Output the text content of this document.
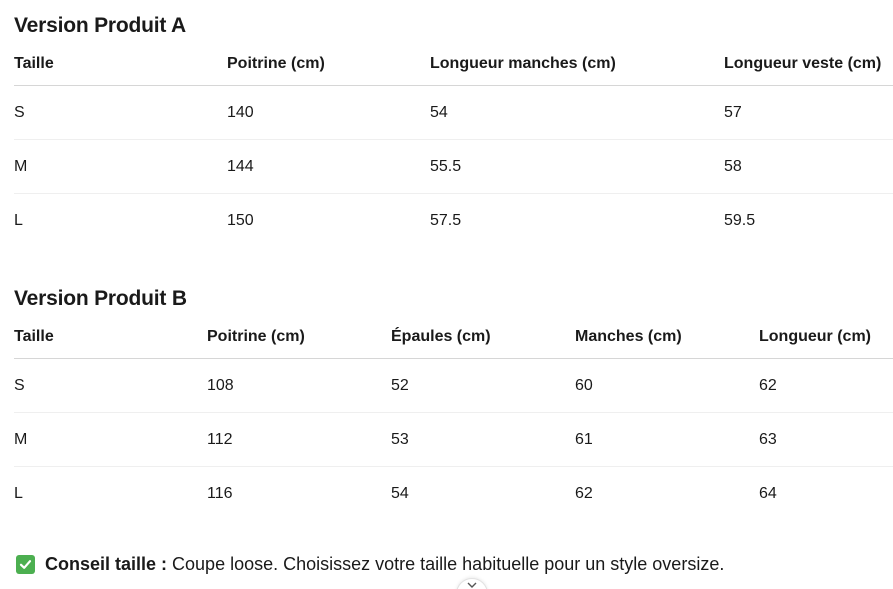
Version Produit A
Taille	Poitrine (cm)	Longueur manches (cm)	Longueur veste (cm)
S	140	54	57
M	144	55.5	58
L	150	57.5	59.5
Version Produit B
Taille	Poitrine (cm)	Épaules (cm)	Manches (cm)	Longueur (cm)
S	108	52	60	62
M	112	53	61	63
L	116	54	62	64
Conseil taille : Coupe loose. Choisissez votre taille habituelle pour un style oversize.
